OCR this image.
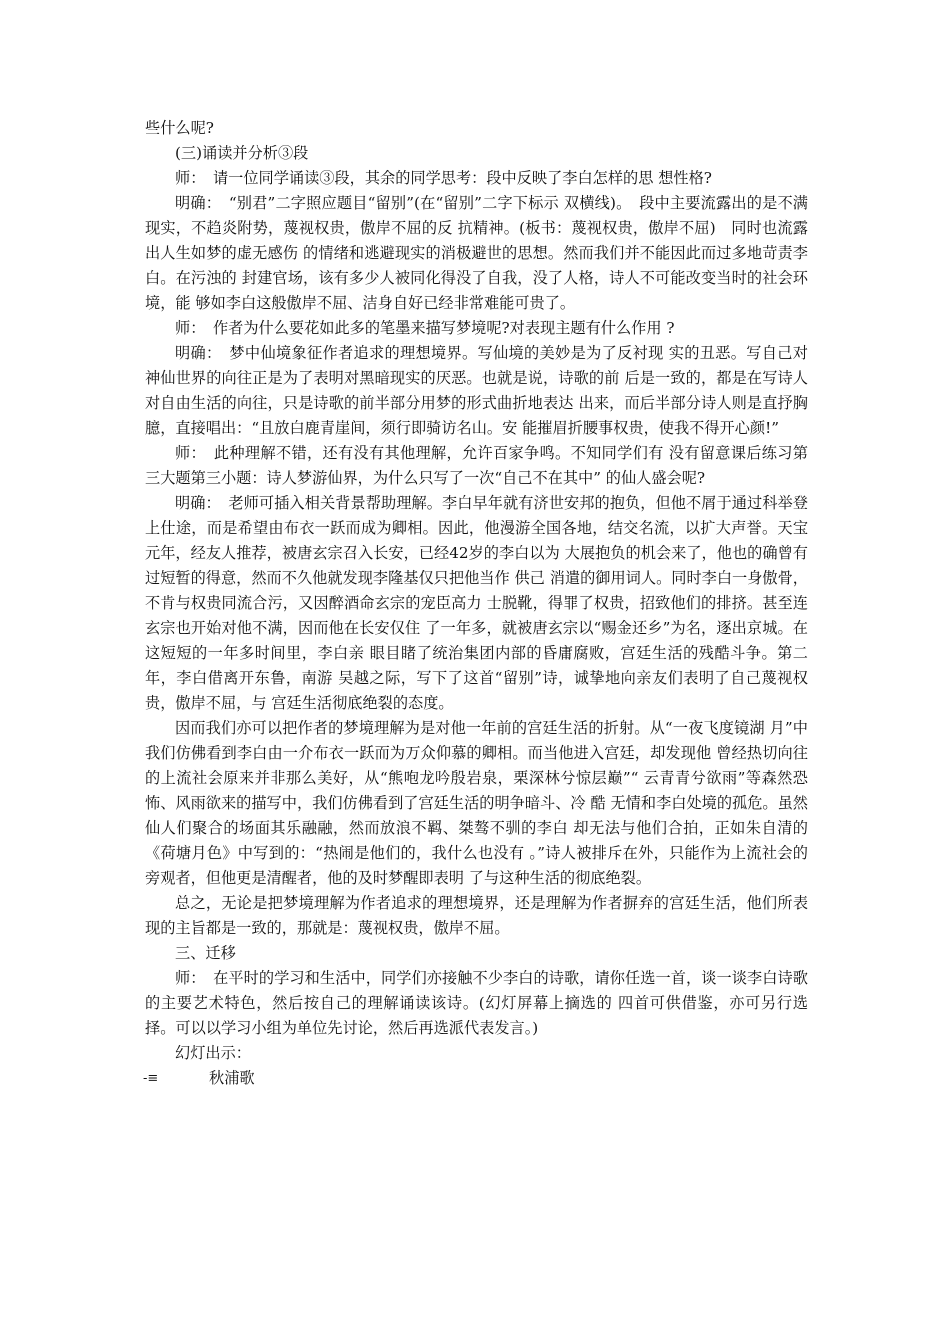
些什么呢?

(三)诵读并分析③段

师：　请一位同学诵读③段，其余的同学思考：段中反映了李白怎样的思 想性格?

明确：　“别君”二字照应题目“留别”(在“留别”二字下标示 双横线)。　段中主要流露出的是不满现实，不趋炎附势，蔑视权贵，傲岸不屈的反 抗精神。(板书：蔑视权贵，傲岸不屈)　同时也流露出人生如梦的虚无感伤 的情绪和逃避现实的消极避世的思想。然而我们并不能因此而过多地苛责李白。在污浊的 封建官场，该有多少人被同化得没了自我，没了人格，诗人不可能改变当时的社会环境，能 够如李白这般傲岸不屈、洁身自好已经非常难能可贵了。

师：　作者为什么要花如此多的笔墨来描写梦境呢?对表现主题有什么作用 ?

明确：　梦中仙境象征作者追求的理想境界。写仙境的美妙是为了反衬现 实的丑恶。写自己对神仙世界的向往正是为了表明对黑暗现实的厌恶。也就是说，诗歌的前 后是一致的，都是在写诗人对自由生活的向往，只是诗歌的前半部分用梦的形式曲折地表达 出来，而后半部分诗人则是直抒胸臆，直接唱出：“且放白鹿青崖间，须行即骑访名山。安 能摧眉折腰事权贵，使我不得开心颜!”

师：　此种理解不错，还有没有其他理解，允许百家争鸣。不知同学们有 没有留意课后练习第三大题第三小题：诗人梦游仙界，为什么只写了一次“自己不在其中” 的仙人盛会呢?

明确：　老师可插入相关背景帮助理解。李白早年就有济世安邦的抱负，但他不屑于通过科举登上仕途，而是希望由布衣一跃而成为卿相。因此，他漫游全国各地，结交名流，以扩大声誉。天宝元年，经友人推荐，被唐玄宗召入长安，已经42岁的李白以为 大展抱负的机会来了，他也的确曾有过短暂的得意，然而不久他就发现李隆基仅只把他当作 供己 消遣的御用词人。同时李白一身傲骨，不肯与权贵同流合污，又因醉酒命玄宗的宠臣高力 士脱靴，得罪了权贵，招致他们的排挤。甚至连玄宗也开始对他不满，因而他在长安仅住 了一年多，就被唐玄宗以“赐金还乡”为名，逐出京城。在这短短的一年多时间里，李白亲 眼目睹了统治集团内部的昏庸腐败，宫廷生活的残酷斗争。第二年，李白借离开东鲁，南游 吴越之际，写下了这首“留别”诗，诚挚地向亲友们表明了自己蔑视权贵，傲岸不屈，与 宫廷生活彻底绝裂的态度。

因而我们亦可以把作者的梦境理解为是对他一年前的宫廷生活的折射。从“一夜飞度镜湖 月”中我们仿佛看到李白由一介布衣一跃而为万众仰慕的卿相。而当他进入宫廷，却发现他 曾经热切向往的上流社会原来并非那么美好，从“熊咆龙吟殷岩泉，栗深林兮惊层巅”“ 云青青兮欲雨”等森然恐怖、风雨欲来的描写中，我们仿佛看到了宫廷生活的明争暗斗、冷 酷 无情和李白处境的孤危。虽然仙人们聚合的场面其乐融融，然而放浪不羁、桀骜不驯的李白 却无法与他们合拍，正如朱自清的《荷塘月色》中写到的：“热闹是他们的，我什么也没有 。”诗人被排斥在外，只能作为上流社会的旁观者，但他更是清醒者，他的及时梦醒即表明 了与这种生活的彻底绝裂。

总之，无论是把梦境理解为作者追求的理想境界，还是理解为作者摒弃的宫廷生活，他们所表现的主旨都是一致的，那就是：蔑视权贵，傲岸不屈。

三、迁移

师：　在平时的学习和生活中，同学们亦接触不少李白的诗歌，请你任选一首，谈一谈李白诗歌的主要艺术特色，然后按自己的理解诵读该诗。(幻灯屏幕上摘选的 四首可供借鉴，亦可另行选择。可以以学习小组为单位先讨论，然后再选派代表发言。)

幻灯出示：

-≡	秋浦歌
